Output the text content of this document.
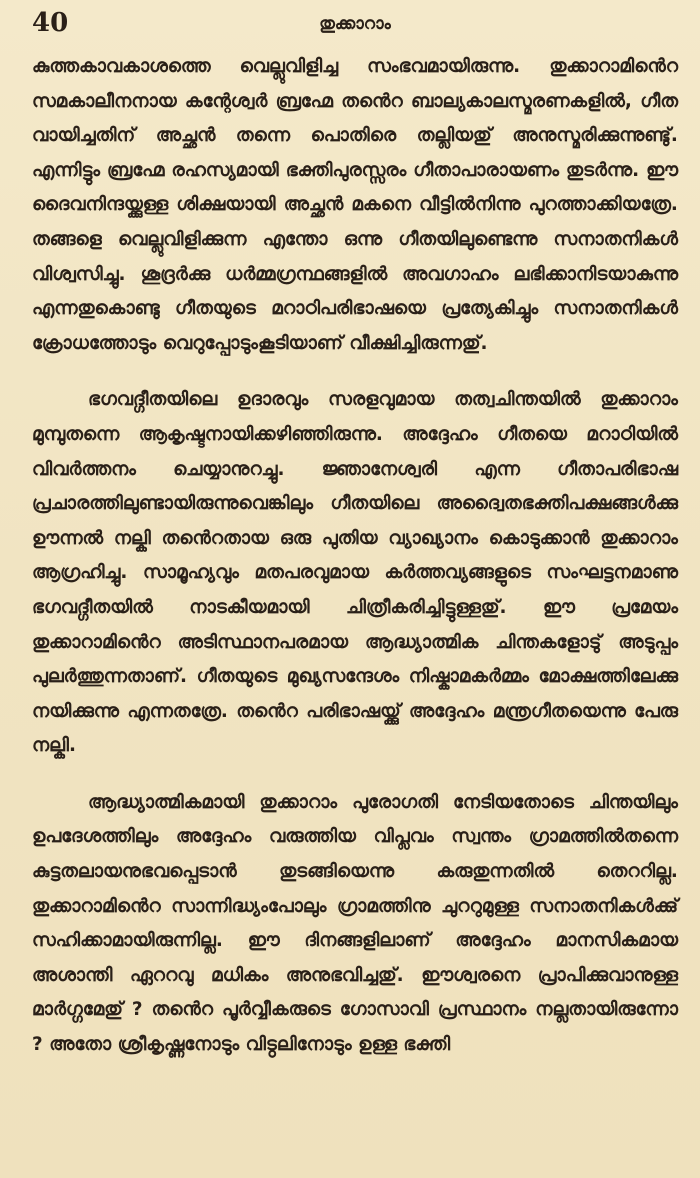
40	തുക്കാറാം

കുത്തകാവകാശത്തെ വെല്ലുവിളിച്ച സംഭവമായിരുന്നു. തുക്കാറാമിൻെറ സമകാലീനനായ കന്റേശ്വർ ബ്രഹ്മേ തൻെറ ബാല്യകാലസ്മരണകളിൽ, ഗീത വായിച്ചതിന് അച്ഛൻ തന്നെ പൊതിരെ തല്ലിയതു് അനുസ്മരിക്കുന്നുണ്ടു്. എന്നിട്ടും ബ്രഹ്മേ രഹസ്യമായി ഭക്തിപുരസ്സരം ഗീതാപാരായണം തുടർന്നു. ഈ ദൈവനിന്ദയ്ക്കുള്ള ശിക്ഷയായി അച്ഛൻ മകനെ വീട്ടിൽനിന്നു പുറത്താക്കിയത്രേ. തങ്ങളെ വെല്ലുവിളിക്കുന്ന എന്തോ ഒന്നു ഗീതയിലുണ്ടെന്നു സനാതനികൾ വിശ്വസിച്ചു. ശൂദ്രർക്കു ധർമ്മഗ്രന്ഥങ്ങളിൽ അവഗാഹം ലഭിക്കാനിടയാകുന്നു എന്നതുകൊണ്ടു ഗീതയുടെ മറാഠിപരിഭാഷയെ പ്രത്യേകിച്ചും സനാതനികൾ ക്രോധത്തോടും വെറുപ്പോടുംകൂടിയാണ് വീക്ഷിച്ചിരുന്നതു്.

ഭഗവദ്ഗീതയിലെ ഉദാരവും സരളവുമായ തത്വചിന്തയിൽ തുക്കാറാം മുമ്പുതന്നെ ആകൃഷ്ടനായിക്കഴിഞ്ഞിരുന്നു. അദ്ദേഹം ഗീതയെ മറാഠിയിൽ വിവർത്തനം ചെയ്യാനുറച്ചു. ജ്ഞാനേശ്വരി എന്ന ഗീതാപരിഭാഷ പ്രചാരത്തിലുണ്ടായിരുന്നുവെങ്കിലും ഗീതയിലെ അദ്വൈതഭക്തിപക്ഷങ്ങൾക്കു ഊന്നൽ നല്കി തൻെറതായ ഒരു പുതിയ വ്യാഖ്യാനം കൊടുക്കാൻ തുക്കാറാം ആഗ്രഹിച്ചു. സാമൂഹ്യവും മതപരവുമായ കർത്തവ്യങ്ങളുടെ സംഘട്ടനമാണു ഭഗവദ്ഗീതയിൽ നാടകീയമായി ചിത്രീകരിച്ചിട്ടുള്ളതു്. ഈ പ്രമേയം തുക്കാറാമിൻെറ അടിസ്ഥാനപരമായ ആദ്ധ്യാത്മിക ചിന്തകളോടു് അടുപ്പം പുലർത്തുന്നതാണ്. ഗീതയുടെ മുഖ്യസന്ദേശം നിഷ്കാമകർമ്മം മോക്ഷത്തിലേക്കു നയിക്കുന്നു എന്നതത്രേ. തൻെറ പരിഭാഷയ്ക്കു് അദ്ദേഹം മന്ത്രഗീതയെന്നു പേരു നല്കി.

ആദ്ധ്യാത്മികമായി തുക്കാറാം പുരോഗതി നേടിയതോടെ ചിന്തയിലും ഉപദേശത്തിലും അദ്ദേഹം വരുത്തിയ വിപ്ലവം സ്വന്തം ഗ്രാമത്തിൽതന്നെ കുട്ടതലായനുഭവപ്പെടാൻ തുടങ്ങിയെന്നു കരുതുന്നതിൽ തെററില്ല. തുക്കാറാമിൻെറ സാന്നിദ്ധ്യംപോലും ഗ്രാമത്തിനു ചുററുമുള്ള സനാതനികൾക്കു് സഹിക്കാമായിരുന്നില്ല. ഈ ദിനങ്ങളിലാണ് അദ്ദേഹം മാനസികമായ അശാന്തി ഏററവു മധികം അനുഭവിച്ചതു്. ഈശ്വരനെ പ്രാപിക്കുവാനുള്ള മാർഗ്ഗമേതു് ? തൻെറ പൂർവ്വീകരുടെ ഗോസാവി പ്രസ്ഥാനം നല്ലതായിരുന്നോ ? അതോ ശ്രീകൃഷ്ണനോടും വിട്ഠലിനോടും ഉള്ള ഭക്തി
